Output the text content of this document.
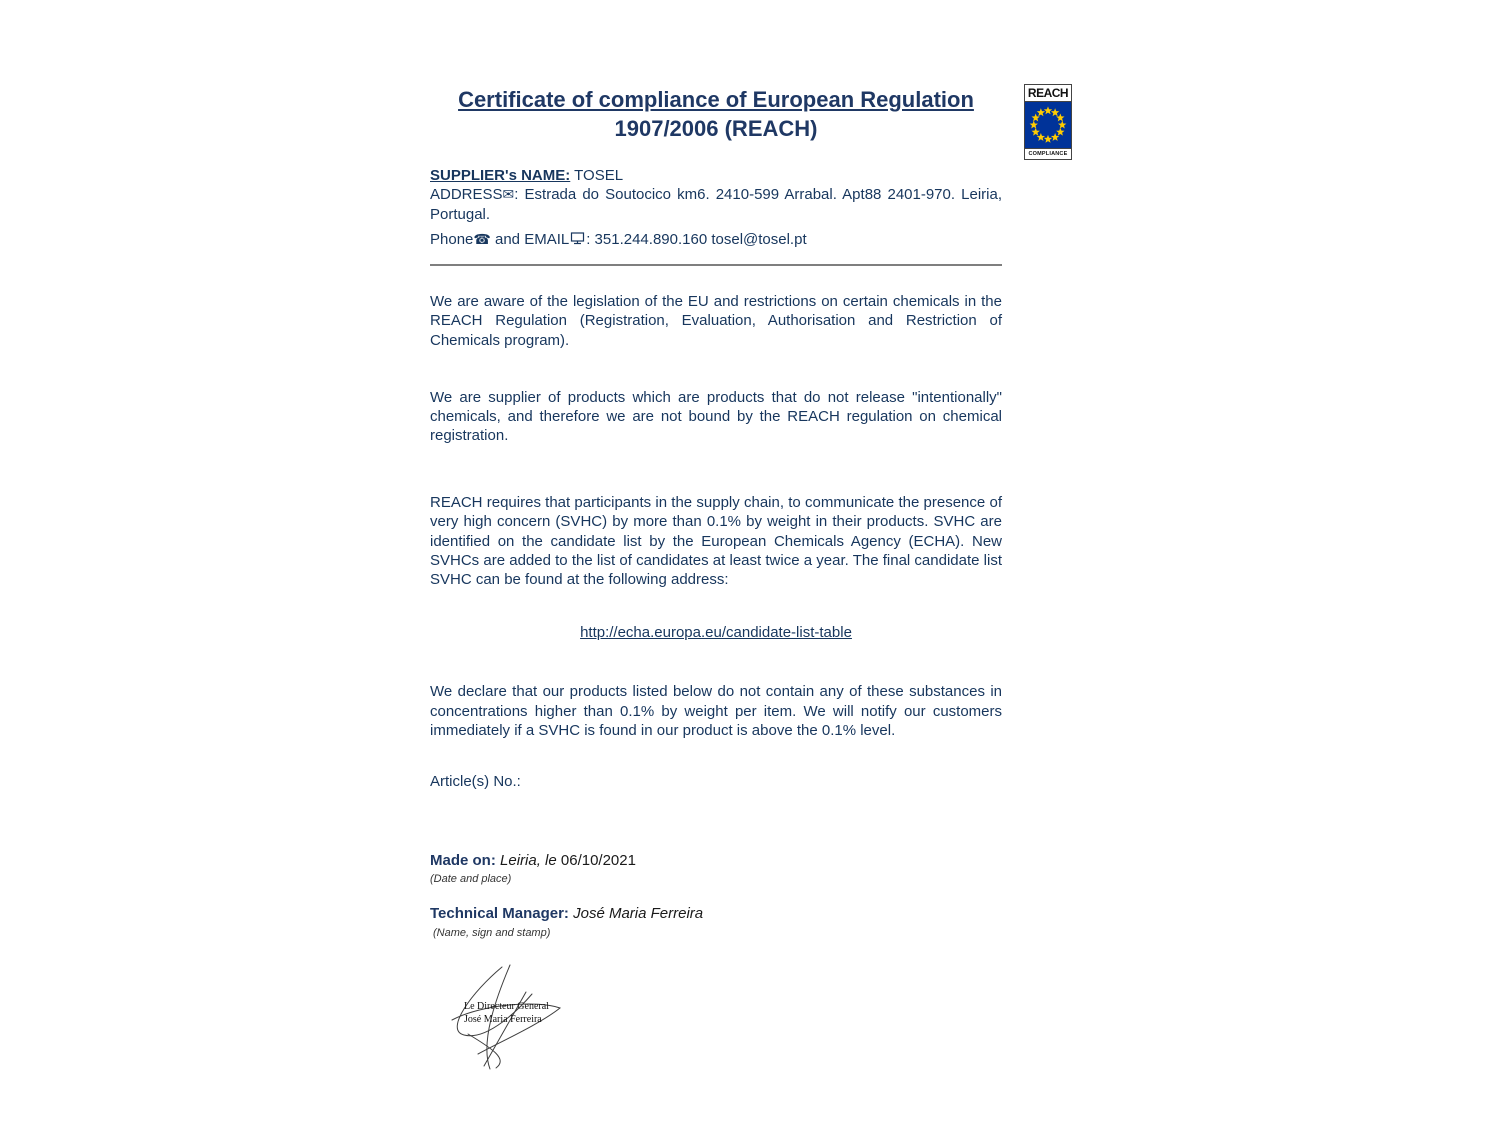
REACH
COMPLIANCE
Certificate of compliance of European Regulation
1907/2006 (REACH)

SUPPLIER's NAME: TOSEL

ADDRESS✉: Estrada do Soutocico km6. 2410-599 Arrabal. Apt88 2401-970. Leiria, Portugal.

Phone☎ and EMAIL : 351.244.890.160 tosel@tosel.pt

We are aware of the legislation of the EU and restrictions on certain chemicals in the REACH Regulation (Registration, Evaluation, Authorisation and Restriction of Chemicals program).

We are supplier of products which are products that do not release "intentionally" chemicals, and therefore we are not bound by the REACH regulation on chemical registration.

REACH requires that participants in the supply chain, to communicate the presence of very high concern (SVHC) by more than 0.1% by weight in their products. SVHC are identified on the candidate list by the European Chemicals Agency (ECHA). New SVHCs are added to the list of candidates at least twice a year. The final candidate list SVHC can be found at the following address:

http://echa.europa.eu/candidate-list-table

We declare that our products listed below do not contain any of these substances in concentrations higher than 0.1% by weight per item. We will notify our customers immediately if a SVHC is found in our product is above the 0.1% level.

Article(s) No.:

Made on: Leiria, le 06/10/2021

(Date and place)

Technical Manager: José Maria Ferreira

(Name, sign and stamp)

Le Directeur General
José Maria Ferreira
